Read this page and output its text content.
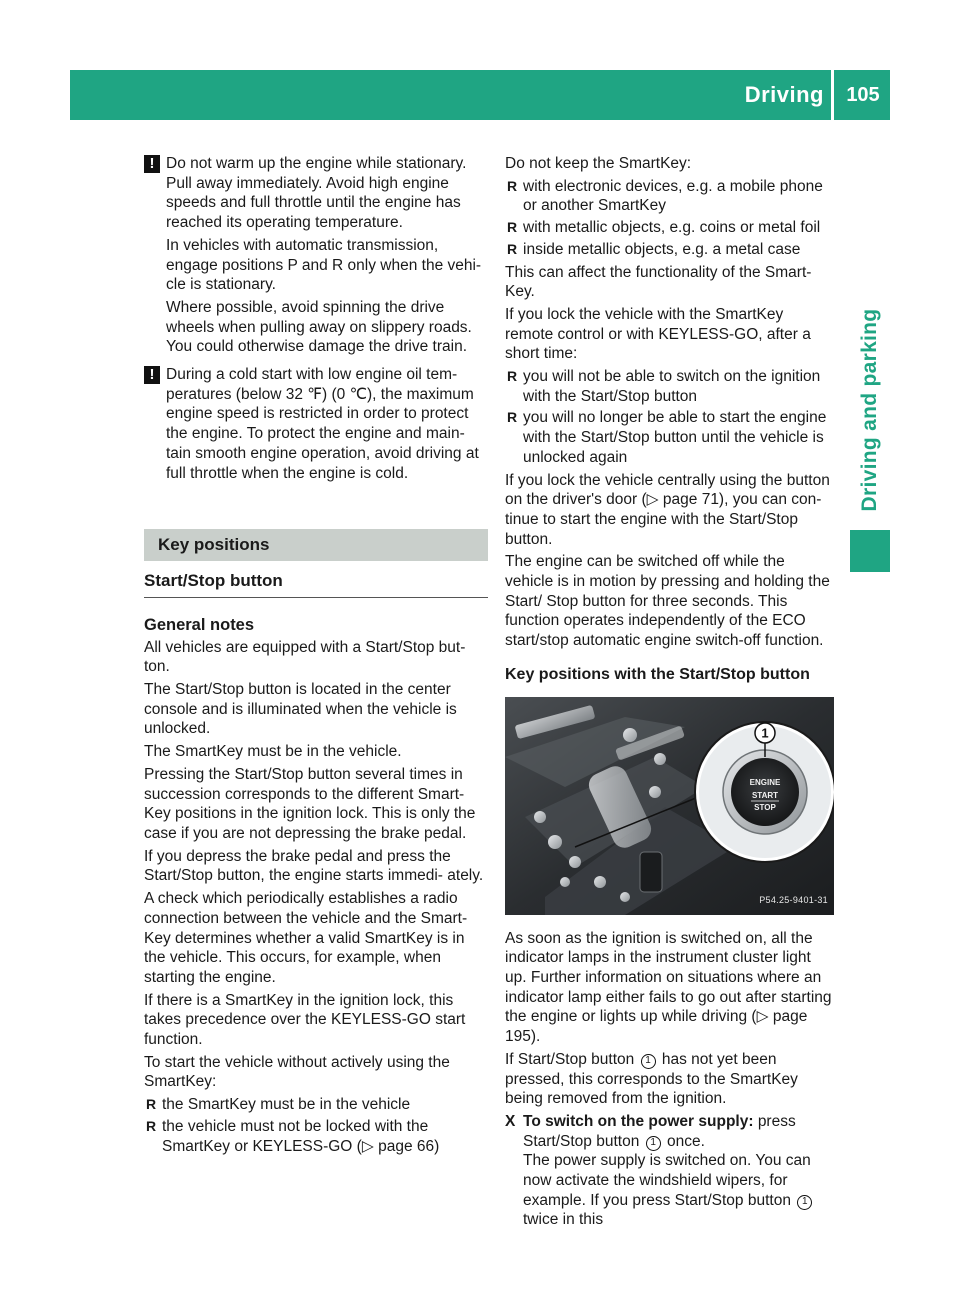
Driving	105
Driving and parking
! Do not warm up the engine while stationary. Pull away immediately. Avoid high engine speeds and full throttle until the engine has reached its operating temperature.

In vehicles with automatic transmission, engage positions P and R only when the vehi- cle is stationary.

Where possible, avoid spinning the drive wheels when pulling away on slippery roads. You could otherwise damage the drive train.

! During a cold start with low engine oil tem- peratures (below 32 ℉) (0 ℃), the maximum engine speed is restricted in order to protect the engine. To protect the engine and main- tain smooth engine operation, avoid driving at full throttle when the engine is cold.

Key positions
Start/Stop button
General notes

All vehicles are equipped with a Start/Stop but- ton.

The Start/Stop button is located in the center console and is illuminated when the vehicle is unlocked.

The SmartKey must be in the vehicle.

Pressing the Start/Stop button several times in succession corresponds to the different Smart- Key positions in the ignition lock. This is only the case if you are not depressing the brake pedal.

If you depress the brake pedal and press the Start/Stop button, the engine starts immedi- ately.

A check which periodically establishes a radio connection between the vehicle and the Smart- Key determines whether a valid SmartKey is in the vehicle. This occurs, for example, when starting the engine.

If there is a SmartKey in the ignition lock, this takes precedence over the KEYLESS-GO start function.

To start the vehicle without actively using the SmartKey:

R the SmartKey must be in the vehicle
R the vehicle must not be locked with the SmartKey or KEYLESS-GO (▷ page 66)

Do not keep the SmartKey:

R with electronic devices, e.g. a mobile phone or another SmartKey
R with metallic objects, e.g. coins or metal foil
R inside metallic objects, e.g. a metal case

This can affect the functionality of the Smart- Key.

If you lock the vehicle with the SmartKey remote control or with KEYLESS-GO, after a short time:

R you will not be able to switch on the ignition with the Start/Stop button
R you will no longer be able to start the engine with the Start/Stop button until the vehicle is unlocked again

If you lock the vehicle centrally using the button on the driver's door (▷ page 71), you can con- tinue to start the engine with the Start/Stop button.

The engine can be switched off while the vehicle is in motion by pressing and holding the Start/ Stop button for three seconds. This function operates independently of the ECO start/stop automatic engine switch-off function.

Key positions with the Start/Stop button
1
ENGINE
START
STOP
P54.25-9401-31

As soon as the ignition is switched on, all the indicator lamps in the instrument cluster light up. Further information on situations where an indicator lamp either fails to go out after starting the engine or lights up while driving (▷ page 195).

If Start/Stop button 1 has not yet been pressed, this corresponds to the SmartKey being removed from the ignition.

X To switch on the power supply: press Start/Stop button 1 once.

The power supply is switched on. You can now activate the windshield wipers, for example. If you press Start/Stop button 1 twice in this
